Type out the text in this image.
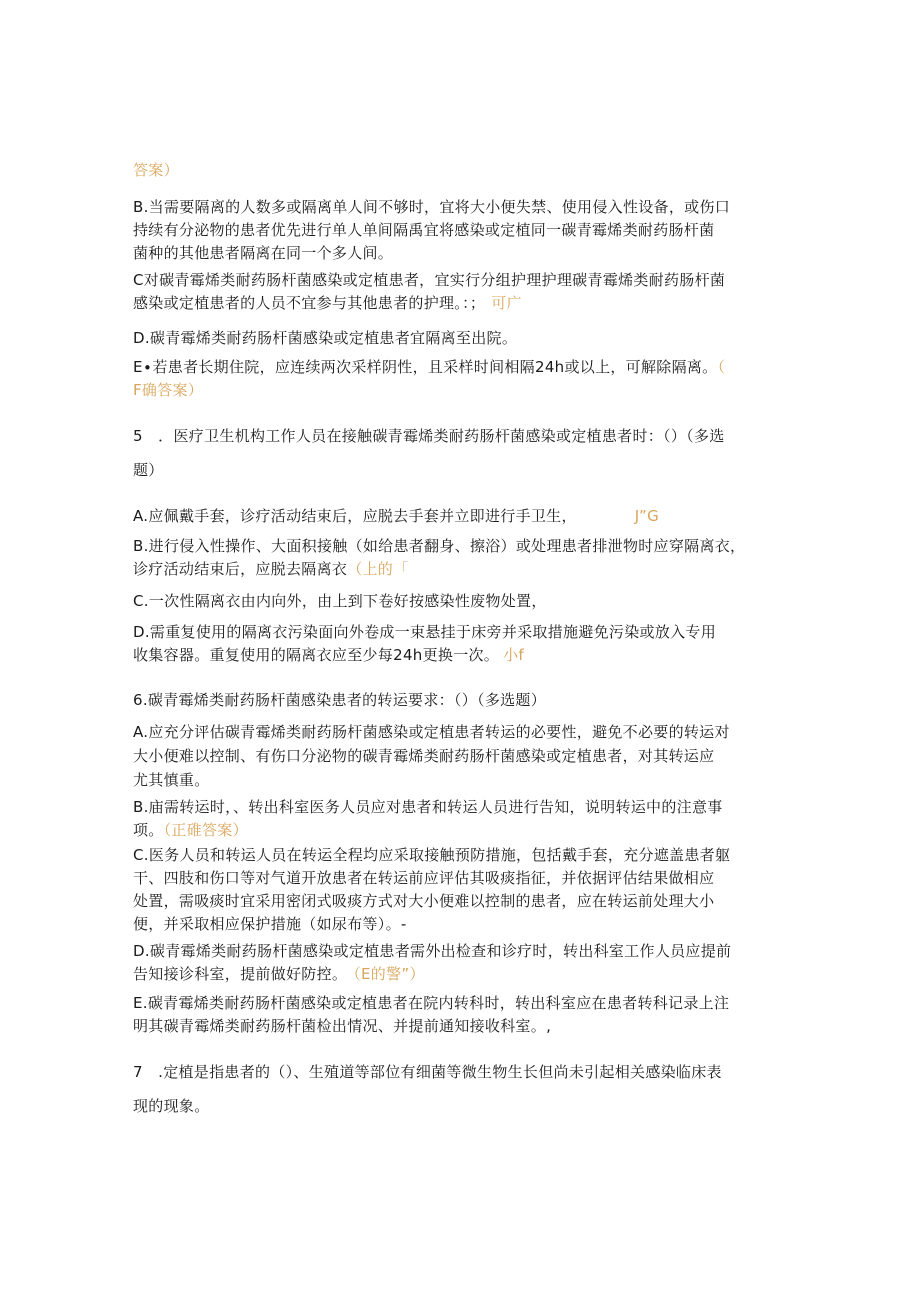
答案）
B.当需要隔离的人数多或隔离单人间不够时，宜将大小便失禁、使用侵入性设备，或伤口
持续有分泌物的患者优先进行单人单间隔禹宜将感染或定植同一碳青霉烯类耐药肠杆菌
菌种的其他患者隔离在同一个多人间。
C对碳青霉烯类耐药肠杆菌感染或定植患者，宜实行分组护理护理碳青霉烯类耐药肠杆菌
感染或定植患者的人员不宜参与其他患者的护理。：； 可广
D.碳青霉烯类耐药肠杆菌感染或定植患者宜隔离至出院。
E∙若患者长期住院，应连续两次采样阴性，且采样时间相隔24h或以上，可解除隔离。（
F确答案）
5 ．医疗卫生机构工作人员在接触碳青霉烯类耐药肠杆菌感染或定植患者时：（）（多选
题）
A.应佩戴手套，诊疗活动结束后，应脱去手套并立即进行手卫生，	J”G
B.进行侵入性操作、大面积接触（如给患者翻身、擦浴）或处理患者排泄物时应穿隔离衣，
诊疗活动结束后，应脱去隔离衣（上的「
C.一次性隔离衣由内向外，由上到下卷好按感染性废物处置，
D.需重复使用的隔离衣污染面向外卷成一束悬挂于床旁并采取措施避免污染或放入专用
收集容器。重复使用的隔离衣应至少每24h更换一次。 小f
6.碳青霉烯类耐药肠杆菌感染患者的转运要求：（）（多选题）
A.应充分评估碳青霉烯类耐药肠杆菌感染或定植患者转运的必要性，避免不必要的转运对
大小便难以控制、有伤口分泌物的碳青霉烯类耐药肠杆菌感染或定植患者，对其转运应
尤其慎重。
B.庙需转运时，、转出科室医务人员应对患者和转运人员进行告知，说明转运中的注意事
项。（正碓答案）
C.医务人员和转运人员在转运全程均应采取接触预防措施，包括戴手套，充分遮盖患者躯
干、四肢和伤口等对气道开放患者在转运前应评估其吸痰指征，并依据评估结果做相应
处置，需吸痰时宜采用密闭式吸痰方式对大小便难以控制的患者，应在转运前处理大小
便，并采取相应保护措施（如尿布等）。-
D.碳青霉烯类耐药肠杆菌感染或定植患者需外出检查和诊疗时，转出科室工作人员应提前
告知接诊科室，提前做好防控。 （E的警”）
E.碳青霉烯类耐药肠杆菌感染或定植患者在院内转科时，转出科室应在患者转科记录上注
明其碳青霉烯类耐药肠杆菌检出情况、并提前通知接收科室。,
7 .定植是指患者的（）、生殖道等部位有细菌等微生物生长但尚未引起相关感染临床表
现的现象。
